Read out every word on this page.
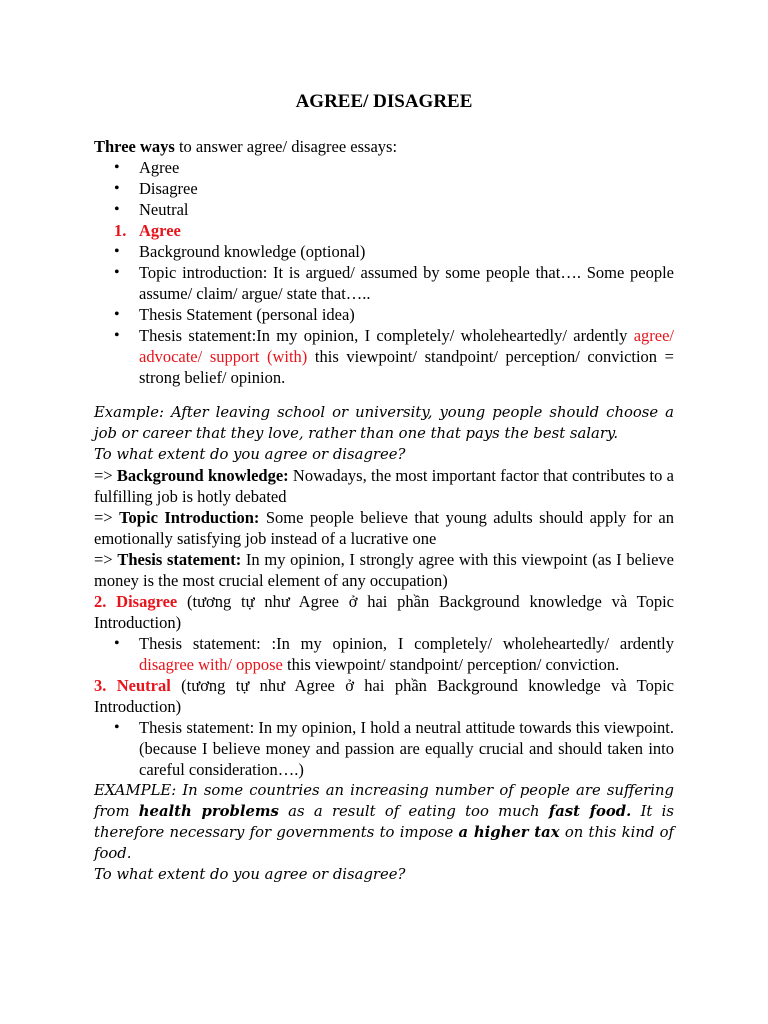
AGREE/ DISAGREE

Three ways to answer agree/ disagree essays:

• Agree
• Disagree
• Neutral

1. Agree

• Background knowledge (optional)
• Topic introduction: It is argued/ assumed by some people that…. Some people assume/ claim/ argue/ state that…..
• Thesis Statement (personal idea)
• Thesis statement:In my opinion, I completely/ wholeheartedly/ ardently agree/ advocate/ support (with) this viewpoint/ standpoint/ perception/ conviction = strong belief/ opinion.

Example: After leaving school or university, young people should choose a job or career that they love, rather than one that pays the best salary.

To what extent do you agree or disagree?

=> Background knowledge: Nowadays, the most important factor that contributes to a fulfilling job is hotly debated

=> Topic Introduction: Some people believe that young adults should apply for an emotionally satisfying job instead of a lucrative one

=> Thesis statement: In my opinion, I strongly agree with this viewpoint (as I believe money is the most crucial element of any occupation)

2. Disagree (tương tự như Agree ở hai phần Background knowledge và Topic Introduction)

• Thesis statement: :In my opinion, I completely/ wholeheartedly/ ardently disagree with/ oppose this viewpoint/ standpoint/ perception/ conviction.

3. Neutral (tương tự như Agree ở hai phần Background knowledge và Topic Introduction)

• Thesis statement: In my opinion, I hold a neutral attitude towards this viewpoint. (because I believe money and passion are equally crucial and should taken into careful consideration….)

EXAMPLE: In some countries an increasing number of people are suffering from health problems as a result of eating too much fast food. It is therefore necessary for governments to impose a higher tax on this kind of food.

To what extent do you agree or disagree?
